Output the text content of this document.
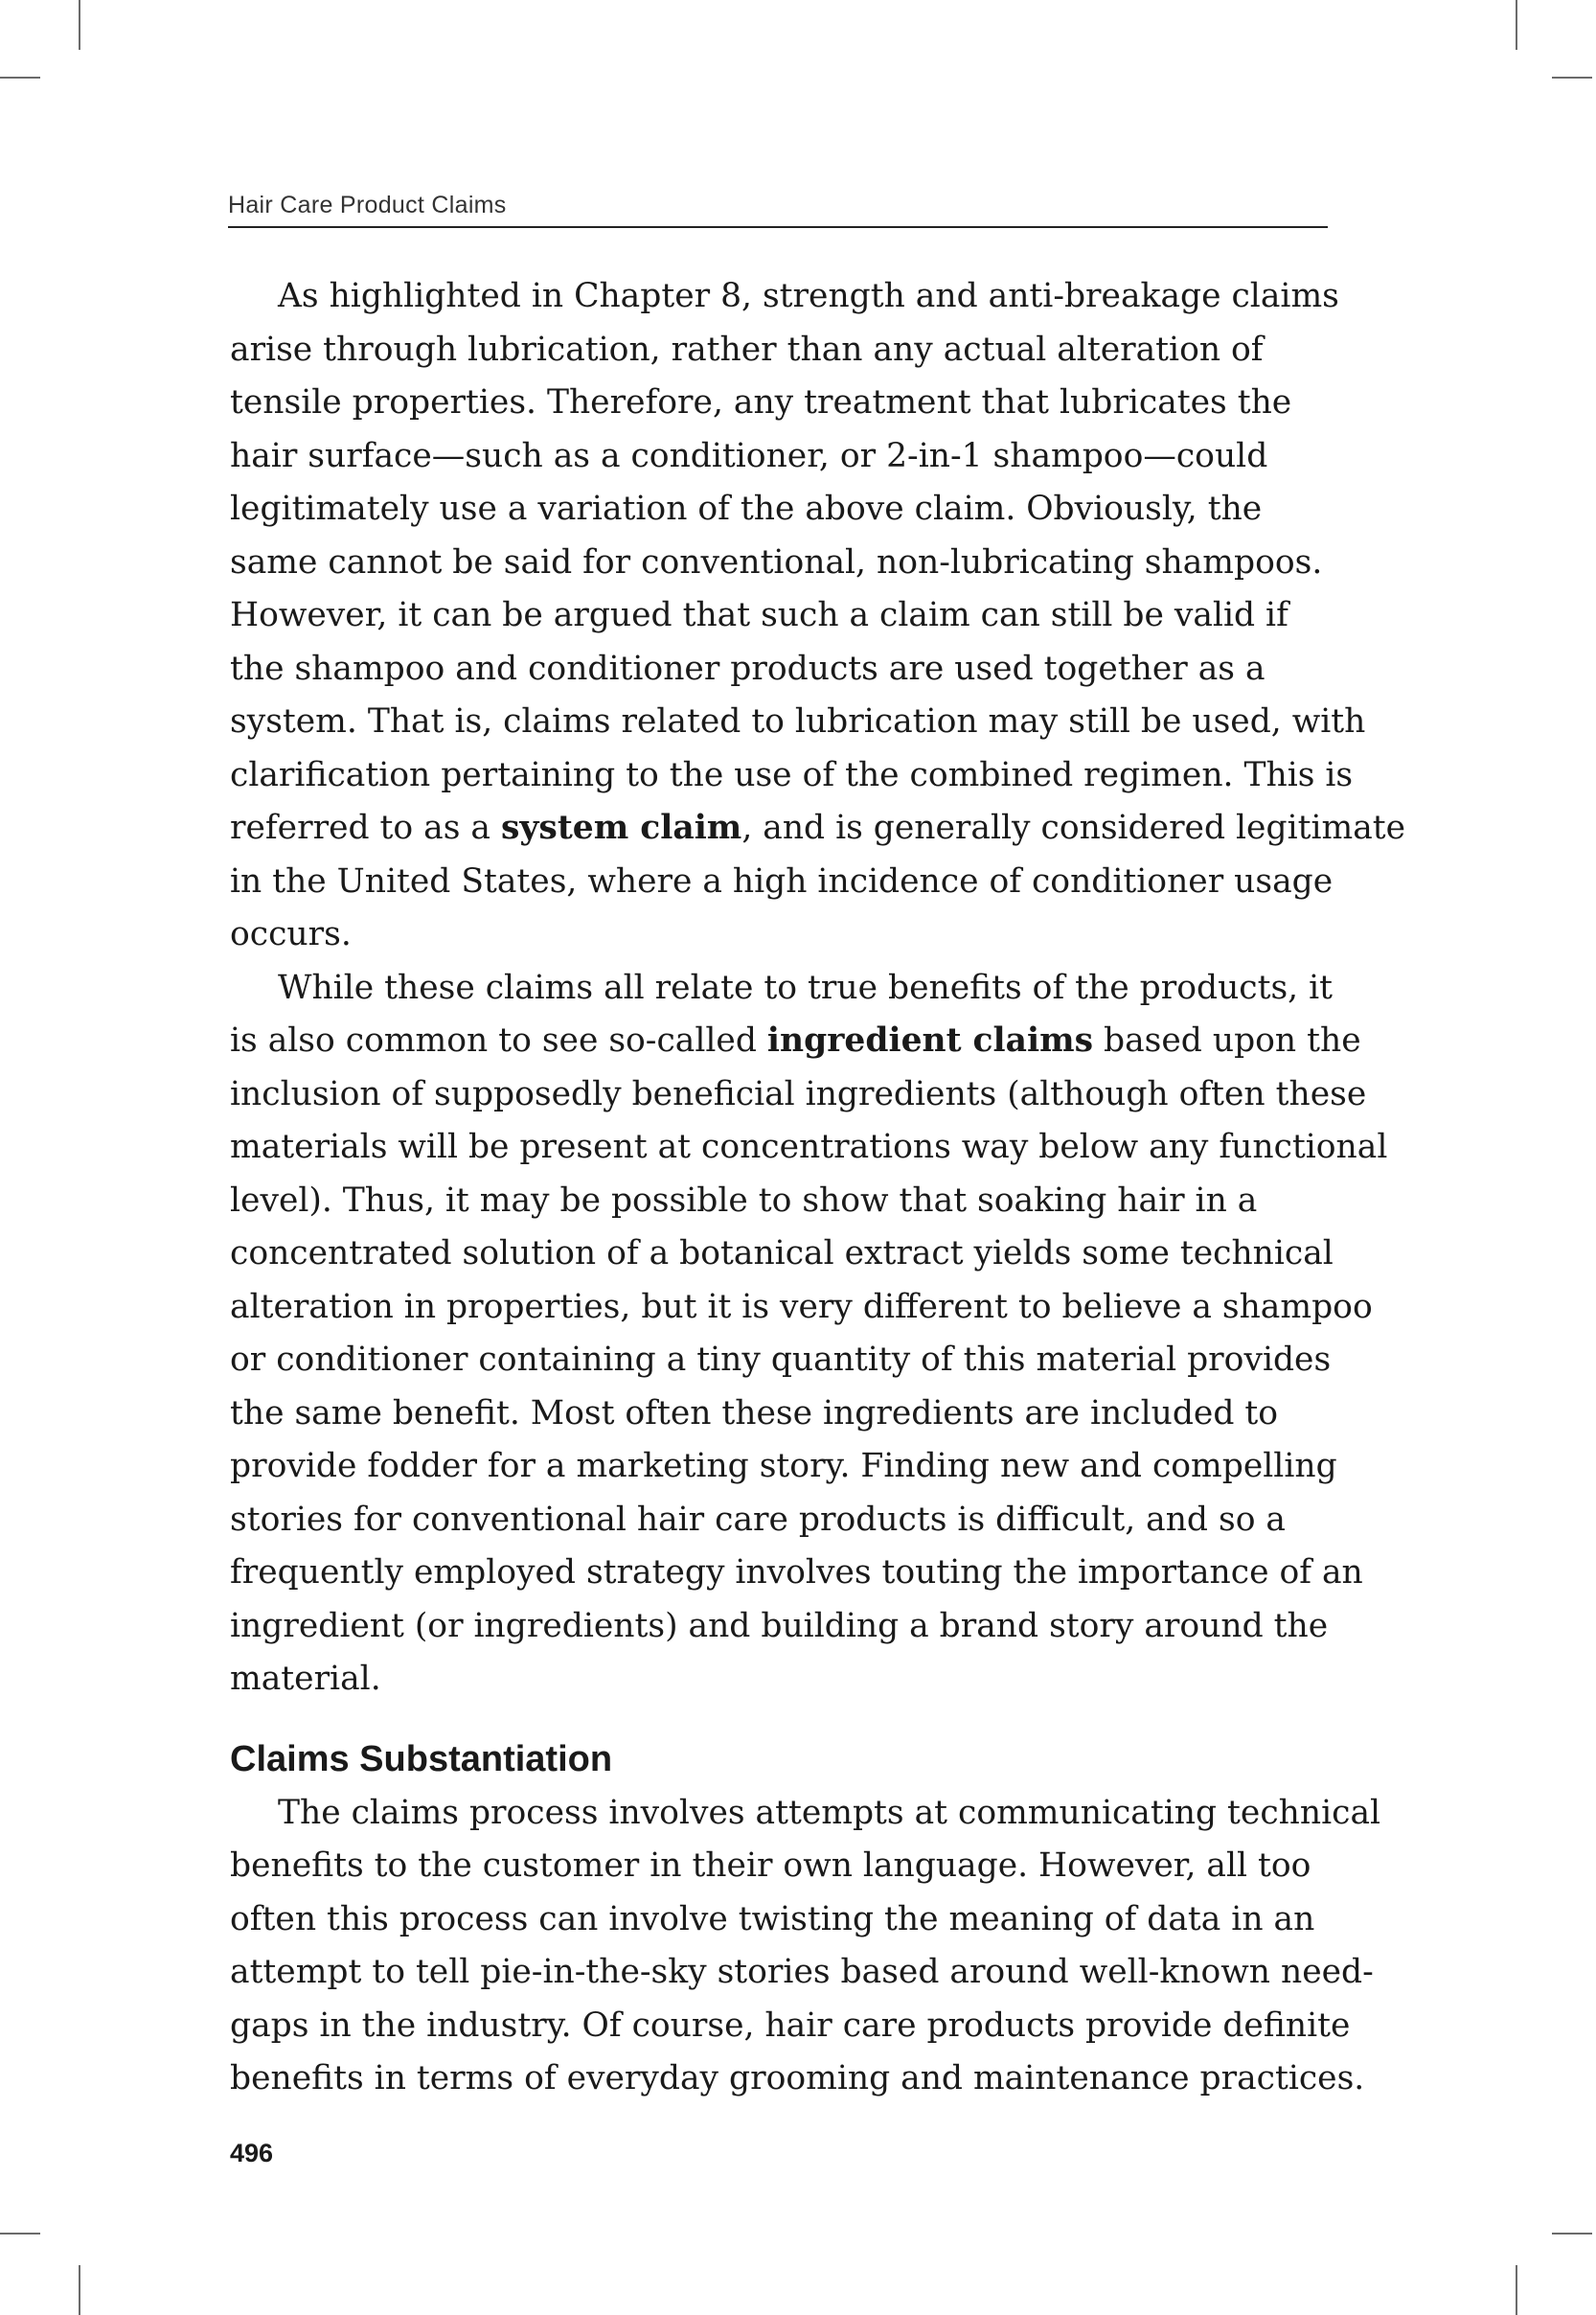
Hair Care Product Claims
As highlighted in Chapter 8, strength and anti-breakage claims
arise through lubrication, rather than any actual alteration of
tensile properties. Therefore, any treatment that lubricates the
hair surface—such as a conditioner, or 2-in-1 shampoo—could
legitimately use a variation of the above claim. Obviously, the
same cannot be said for conventional, non-lubricating shampoos.
However, it can be argued that such a claim can still be valid if
the shampoo and conditioner products are used together as a
system. That is, claims related to lubrication may still be used, with
clarification pertaining to the use of the combined regimen. This is
referred to as a system claim, and is generally considered legitimate
in the United States, where a high incidence of conditioner usage
occurs.
While these claims all relate to true benefits of the products, it
is also common to see so-called ingredient claims based upon the
inclusion of supposedly beneficial ingredients (although often these
materials will be present at concentrations way below any functional
level). Thus, it may be possible to show that soaking hair in a
concentrated solution of a botanical extract yields some technical
alteration in properties, but it is very different to believe a shampoo
or conditioner containing a tiny quantity of this material provides
the same benefit. Most often these ingredients are included to
provide fodder for a marketing story. Finding new and compelling
stories for conventional hair care products is difficult, and so a
frequently employed strategy involves touting the importance of an
ingredient (or ingredients) and building a brand story around the
material.
Claims Substantiation
The claims process involves attempts at communicating technical
benefits to the customer in their own language. However, all too
often this process can involve twisting the meaning of data in an
attempt to tell pie-in-the-sky stories based around well-known need-
gaps in the industry. Of course, hair care products provide definite
benefits in terms of everyday grooming and maintenance practices.
496
